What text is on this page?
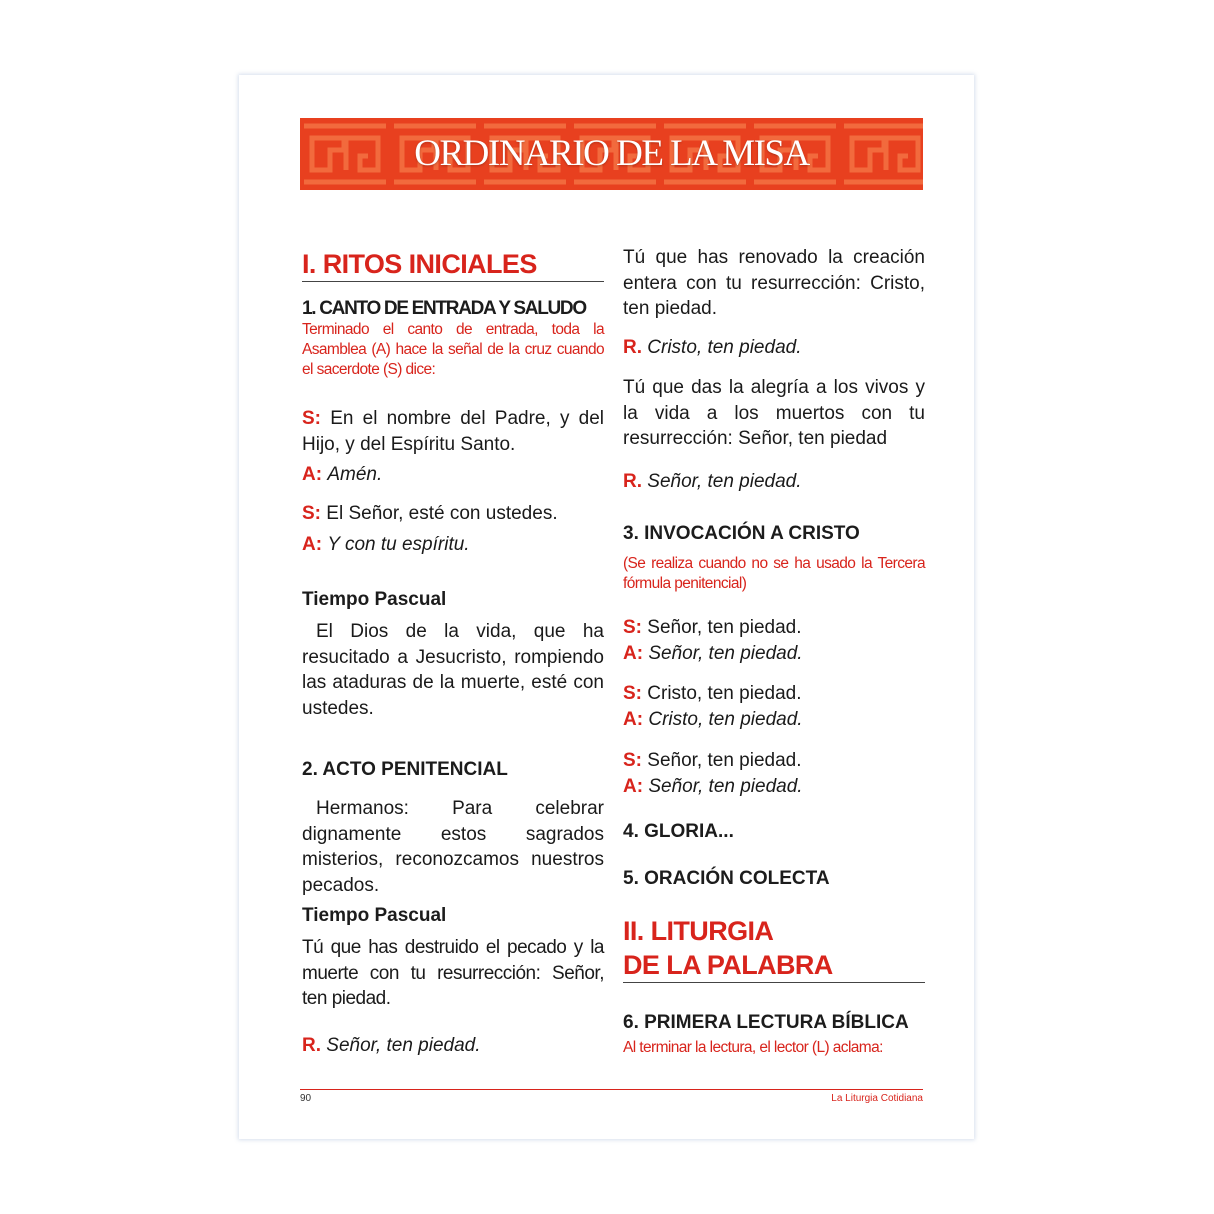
ORDINARIO DE LA MISA

I. RITOS INICIALES

1. CANTO DE ENTRADA Y SALUDO

Terminado el canto de entrada, toda la Asamblea (A) hace la señal de la cruz cuando el sacerdote (S) dice:

S: En el nombre del Padre, y del Hijo, y del Espíritu Santo.

A: Amén.

S: El Señor, esté con ustedes.

A: Y con tu espíritu.

Tiempo Pascual

El Dios de la vida, que ha resucitado a Jesucristo, rompiendo las ataduras de la muerte, esté con ustedes.

2. ACTO PENITENCIAL

Hermanos: Para celebrar dignamente estos sagrados misterios, reconozcamos nuestros pecados.

Tiempo Pascual

Tú que has destruido el pecado y la muerte con tu resurrección: Señor, ten piedad.

R. Señor, ten piedad.

Tú que has renovado la creación entera con tu resurrección: Cristo, ten piedad.

R. Cristo, ten piedad.

Tú que das la alegría a los vivos y la vida a los muertos con tu resurrección: Señor, ten piedad

R. Señor, ten piedad.

3. INVOCACIÓN A CRISTO

(Se realiza cuando no se ha usado la Tercera fórmula penitencial)

S: Señor, ten piedad.

A: Señor, ten piedad.

S: Cristo, ten piedad.

A: Cristo, ten piedad.

S: Señor, ten piedad.

A: Señor, ten piedad.

4. GLORIA...

5. ORACIÓN COLECTA

II. LITURGIA

DE LA PALABRA

6. PRIMERA LECTURA BÍBLICA

Al terminar la lectura, el lector (L) aclama:

90	La Liturgia Cotidiana
